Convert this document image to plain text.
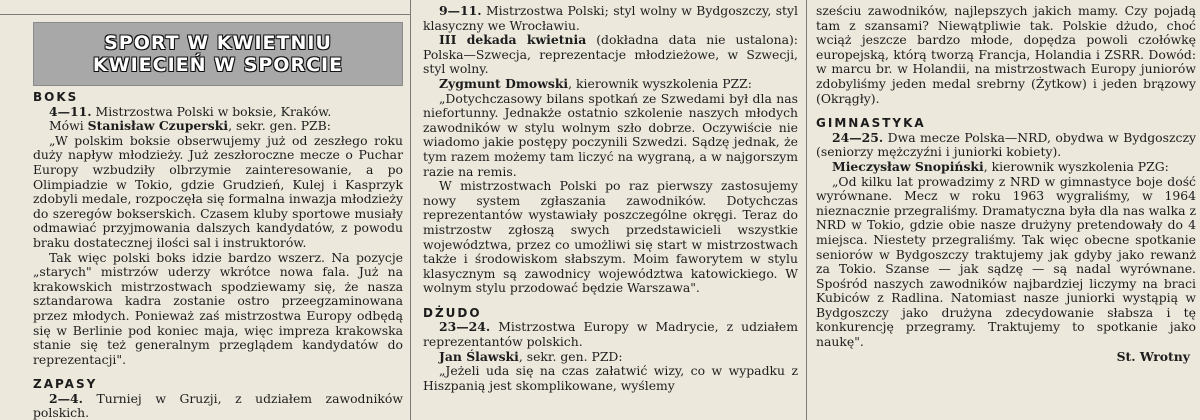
SPORT W KWIETNIU
KWIECIEŃ W SPORCIE
BOKS

4—11. Mistrzostwa Polski w boksie, Kraków.

Mówi Stanisław Czuperski, sekr. gen. PZB:

„W polskim boksie obserwujemy już od zeszłego roku duży napływ młodzieży. Już zeszłoroczne mecze o Puchar Europy wzbudziły olbrzymie zainteresowanie, a po Olimpiadzie w Tokio, gdzie Grudzień, Kulej i Kasprzyk zdobyli medale, rozpoczęła się formalna inwazja młodzieży do szeregów bokserskich. Czasem kluby sportowe musiały odmawiać przyjmowania dalszych kandydatów, z powodu braku dostatecznej ilości sal i instruktorów.

Tak więc polski boks idzie bardzo wszerz. Na pozycje „starych" mistrzów uderzy wkrótce nowa fala. Już na krakowskich mistrzostwach spodziewamy się, że nasza sztandarowa kadra zostanie ostro przeegzaminowana przez młodych. Ponieważ zaś mistrzostwa Europy odbędą się w Berlinie pod koniec maja, więc impreza krakowska stanie się też generalnym przeglądem kandydatów do reprezentacji".

ZAPASY

2—4. Turniej w Gruzji, z udziałem zawodników polskich.

9—11. Mistrzostwa Polski; styl wolny w Bydgoszczy, styl klasyczny we Wrocławiu.

III dekada kwietnia (dokładna data nie ustalona): Polska—Szwecja, reprezentacje młodzieżowe, w Szwecji, styl wolny.

Zygmunt Dmowski, kierownik wyszkolenia PZZ:

„Dotychczasowy bilans spotkań ze Szwedami był dla nas niefortunny. Jednakże ostatnio szkolenie naszych młodych zawodników w stylu wolnym szło dobrze. Oczywiście nie wiadomo jakie postępy poczynili Szwedzi. Sądzę jednak, że tym razem możemy tam liczyć na wygraną, a w najgorszym razie na remis.

W mistrzostwach Polski po raz pierwszy zastosujemy nowy system zgłaszania zawodników. Dotychczas reprezentantów wystawiały poszczególne okręgi. Teraz do mistrzostw zgłoszą swych przedstawicieli wszystkie województwa, przez co umożliwi się start w mistrzostwach także i środowiskom słabszym. Moim faworytem w stylu klasycznym są zawodnicy województwa katowickiego. W wolnym stylu przodować będzie Warszawa".

DŻUDO

23—24. Mistrzostwa Europy w Madrycie, z udziałem reprezentantów polskich.

Jan Ślawski, sekr. gen. PZD:

„Jeżeli uda się na czas załatwić wizy, co w wypadku z Hiszpanią jest skomplikowane, wyślemy

sześciu zawodników, najlepszych jakich mamy. Czy pojadą tam z szansami? Niewątpliwie tak. Polskie dżudo, choć wciąż jeszcze bardzo młode, dopędza powoli czołówkę europejską, którą tworzą Francja, Holandia i ZSRR. Dowód: w marcu br. w Holandii, na mistrzostwach Europy juniorów zdobyliśmy jeden medal srebrny (Żytkow) i jeden brązowy (Okrągły).

GIMNASTYKA

24—25. Dwa mecze Polska—NRD, obydwa w Bydgoszczy (seniorzy mężczyźni i juniorki kobiety).

Mieczysław Snopiński, kierownik wyszkolenia PZG:

„Od kilku lat prowadzimy z NRD w gimnastyce boje dość wyrównane. Mecz w roku 1963 wygraliśmy, w 1964 nieznacznie przegraliśmy. Dramatyczna była dla nas walka z NRD w Tokio, gdzie obie nasze drużyny pretendowały do 4 miejsca. Niestety przegraliśmy. Tak więc obecne spotkanie seniorów w Bydgoszczy traktujemy jak gdyby jako rewanż za Tokio. Szanse — jak sądzę — są nadal wyrównane. Spośród naszych zawodników najbardziej liczymy na braci Kubiców z Radlina. Natomiast nasze juniorki wystąpią w Bydgoszczy jako drużyna zdecydowanie słabsza i tę konkurencję przegramy. Traktujemy to spotkanie jako naukę".

St. Wrotny
